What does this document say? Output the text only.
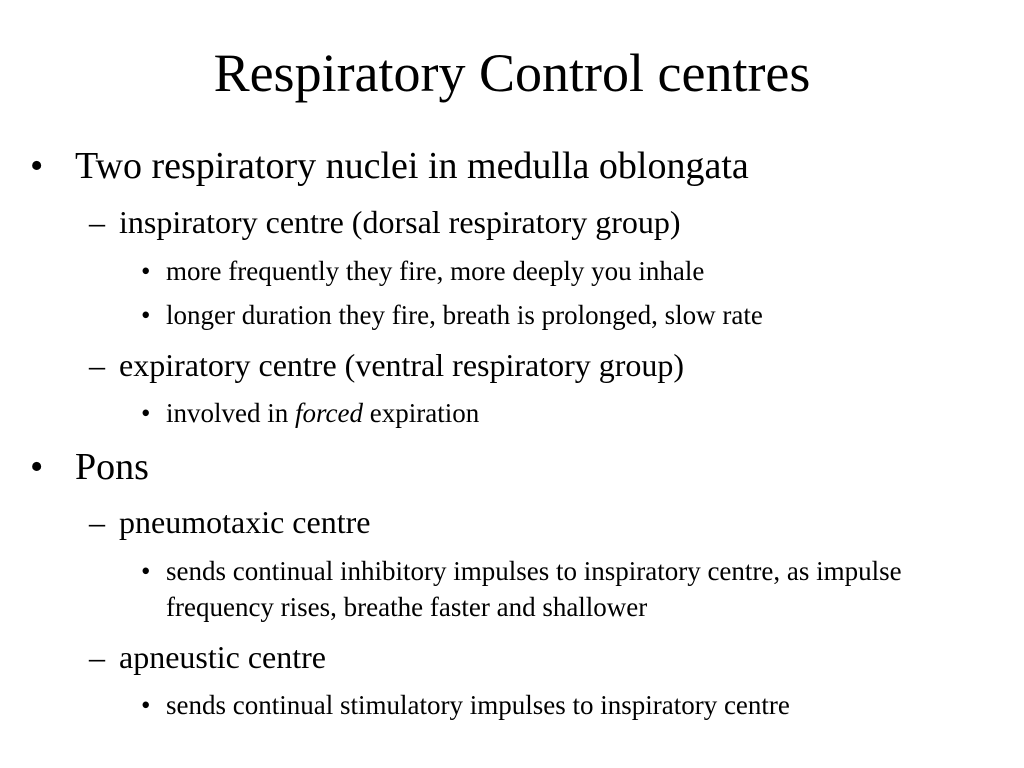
Respiratory Control centres
• Two respiratory nuclei in medulla oblongata
– inspiratory centre (dorsal respiratory group)
• more frequently they fire, more deeply you inhale
• longer duration they fire, breath is prolonged, slow rate
– expiratory centre (ventral respiratory group)
• involved in forced expiration
• Pons
– pneumotaxic centre
• sends continual inhibitory impulses to inspiratory centre, as impulse frequency rises, breathe faster and shallower
– apneustic centre
• sends continual stimulatory impulses to inspiratory centre
